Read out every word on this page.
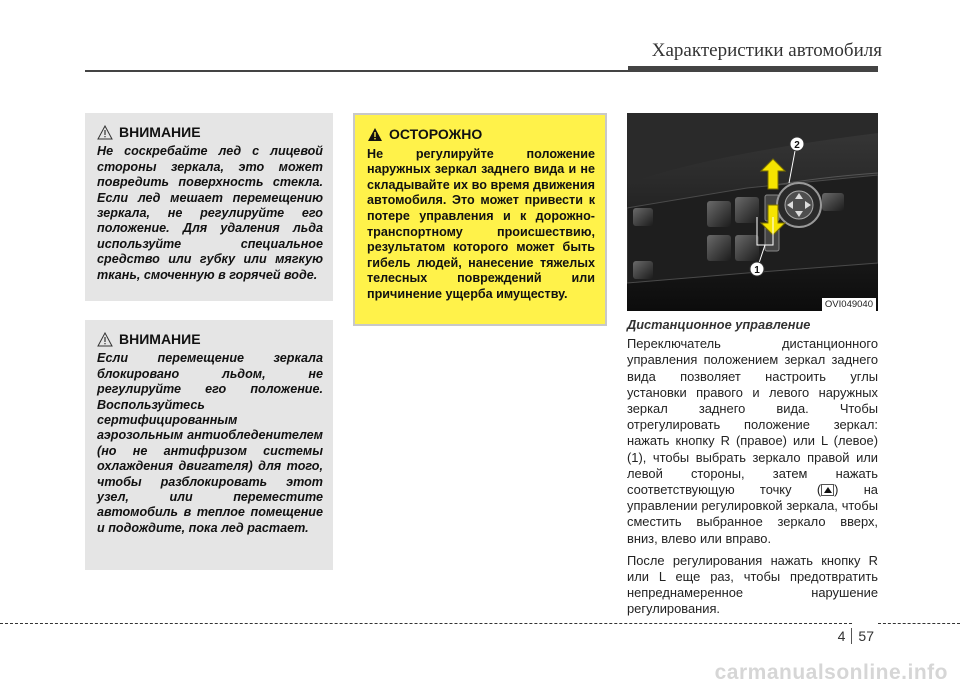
Характеристики автомобиля
ВНИМАНИЕ

Не соскребайте лед с лицевой стороны зеркала, это может повредить поверхность стекла. Если лед мешает перемещению зеркала, не регулируйте его положение. Для удаления льда используйте специальное средство или губку или мягкую ткань, смоченную в горячей воде.

ВНИМАНИЕ

Если перемещение зеркала блокировано льдом, не регулируйте его положение. Воспользуйтесь сертифицированным аэрозольным антиобледенителем (но не антифризом системы охлаждения двигателя) для того, чтобы разблокировать этот узел, или переместите автомобиль в теплое помещение и подождите, пока лед растает.

ОСТОРОЖНО

Не регулируйте положение наружных зеркал заднего вида и не складывайте их во время движения автомобиля. Это может привести к потере управления и к дорожно-транспортному происшествию, результатом которого может быть гибель людей, нанесение тяжелых телесных повреждений или причинение ущерба имуществу.

2
1
OVI049040
Дистанционное управление

Переключатель дистанционного управления положением зеркал заднего вида позволяет настроить углы установки правого и левого наружных зеркал заднего вида. Чтобы отрегулировать положение зеркал: нажать кнопку R (правое) или L (левое) (1), чтобы выбрать зеркало правой или левой стороны, затем нажать соответствующую точку ( ) на управлении регулировкой зеркала, чтобы сместить выбранное зеркало вверх, вниз, влево или вправо.

После регулирования нажать кнопку R или L еще раз, чтобы предотвратить непреднамеренное нарушение регулирования.

4 57
carmanualsonline.info
